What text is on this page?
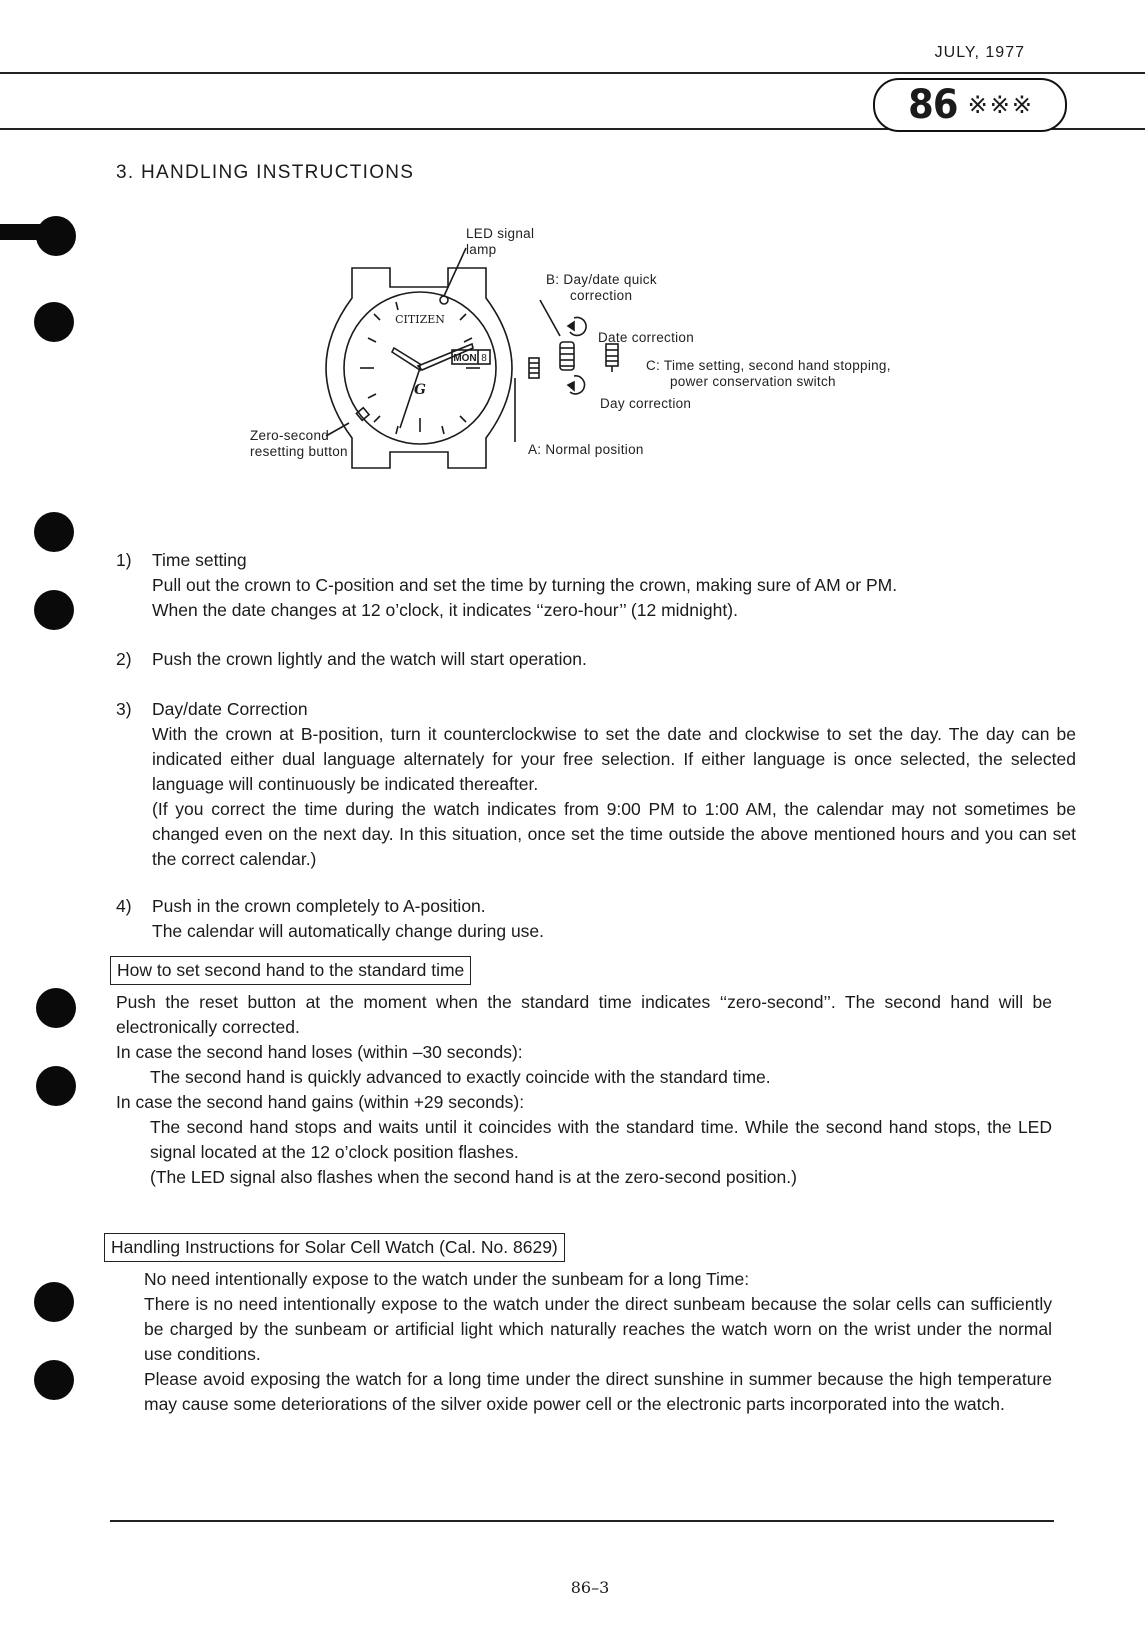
JULY, 1977
86 ※※※
3. HANDLING INSTRUCTIONS
CITIZEN
MON 8
G
LED signal
lamp
B: Day/date quick
correction
Date correction
C: Time setting, second hand stopping,
power conservation switch
Day correction
A: Normal position
Zero-second
resetting button
1) Time setting
Pull out the crown to C-position and set the time by turning the crown, making sure of AM or PM.
When the date changes at 12 o’clock, it indicates ‘‘zero-hour’’ (12 midnight).
2) Push the crown lightly and the watch will start operation.
3) Day/date Correction
With the crown at B-position, turn it counterclockwise to set the date and clockwise to set the day. The day can be indicated either dual language alternately for your free selection. If either language is once selected, the selected language will continuously be indicated thereafter.
(If you correct the time during the watch indicates from 9:00 PM to 1:00 AM, the calendar may not sometimes be changed even on the next day. In this situation, once set the time outside the above mentioned hours and you can set the correct calendar.)
4) Push in the crown completely to A-position.
The calendar will automatically change during use.
How to set second hand to the standard time
Push the reset button at the moment when the standard time indicates ‘‘zero-second’’. The second hand will be electronically corrected.
In case the second hand loses (within –30 seconds):
The second hand is quickly advanced to exactly coincide with the standard time.
In case the second hand gains (within +29 seconds):
The second hand stops and waits until it coincides with the standard time. While the second hand stops, the LED signal located at the 12 o’clock position flashes.
(The LED signal also flashes when the second hand is at the zero-second position.)
Handling Instructions for Solar Cell Watch (Cal. No. 8629)
No need intentionally expose to the watch under the sunbeam for a long Time:
There is no need intentionally expose to the watch under the direct sunbeam because the solar cells can sufficiently be charged by the sunbeam or artificial light which naturally reaches the watch worn on the wrist under the normal use conditions.
Please avoid exposing the watch for a long time under the direct sunshine in summer because the high temperature may cause some deteriorations of the silver oxide power cell or the electronic parts incorporated into the watch.
86–3
